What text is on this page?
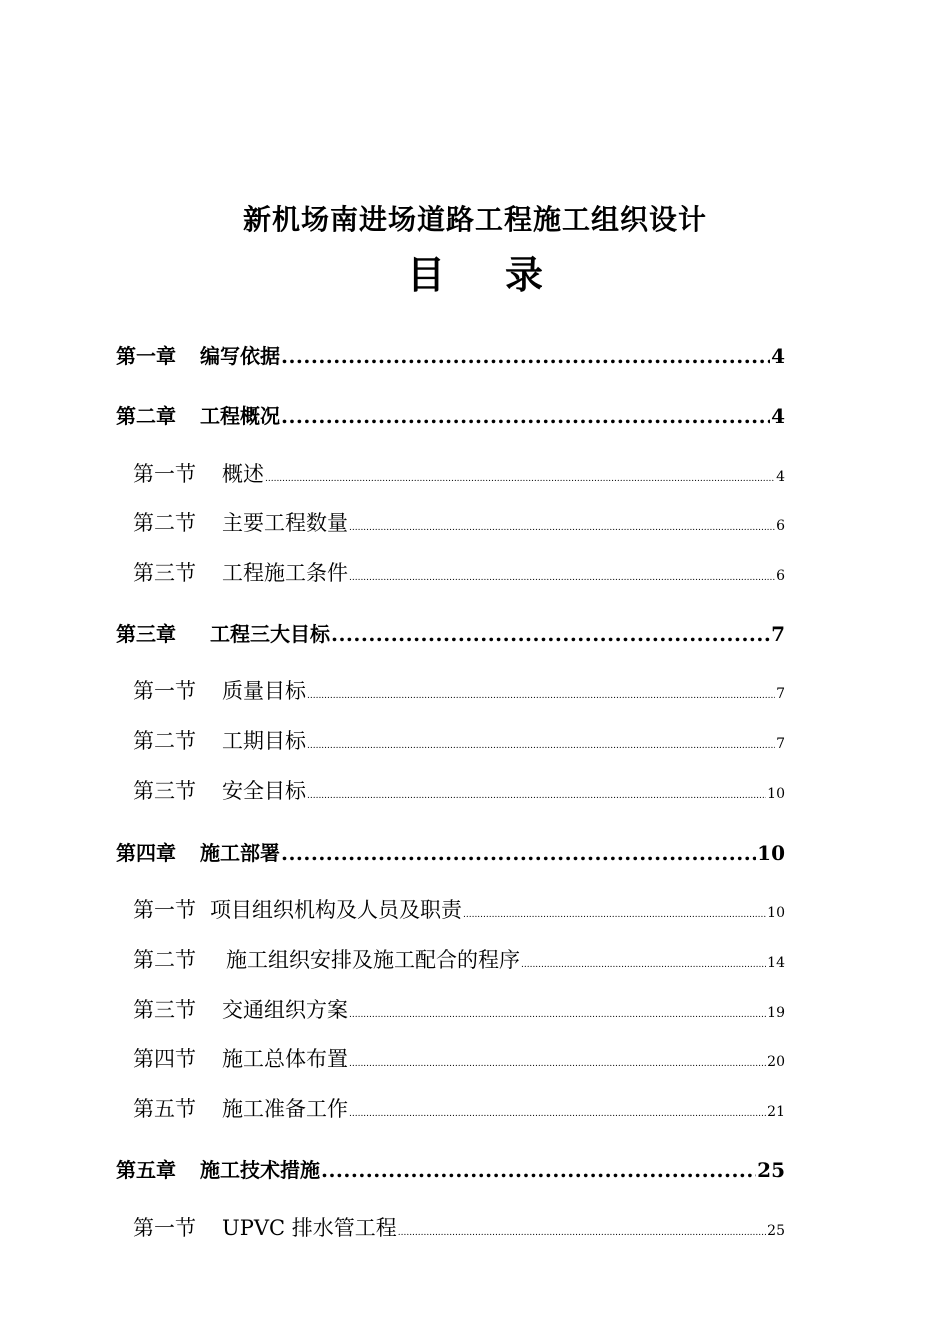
新机场南进场道路工程施工组织设计
目 录
第一章 编写依据 .....	4
第二章 工程概况 .....	4
第一节 概述 .....	4
第二节 主要工程数量 .....	6
第三节 工程施工条件 .....	6
第三章 工程三大目标 .....	7
第一节 质量目标 .....	7
第二节 工期目标 .....	7
第三节 安全目标 .....	10
第四章 施工部署 .....	10
第一节 项目组织机构及人员及职责 .....	10
第二节 施工组织安排及施工配合的程序 .....	14
第三节 交通组织方案 .....	19
第四节 施工总体布置 .....	20
第五节 施工准备工作 .....	21
第五章 施工技术措施 .....	25
第一节 UPVC 排水管工程 .....	25
